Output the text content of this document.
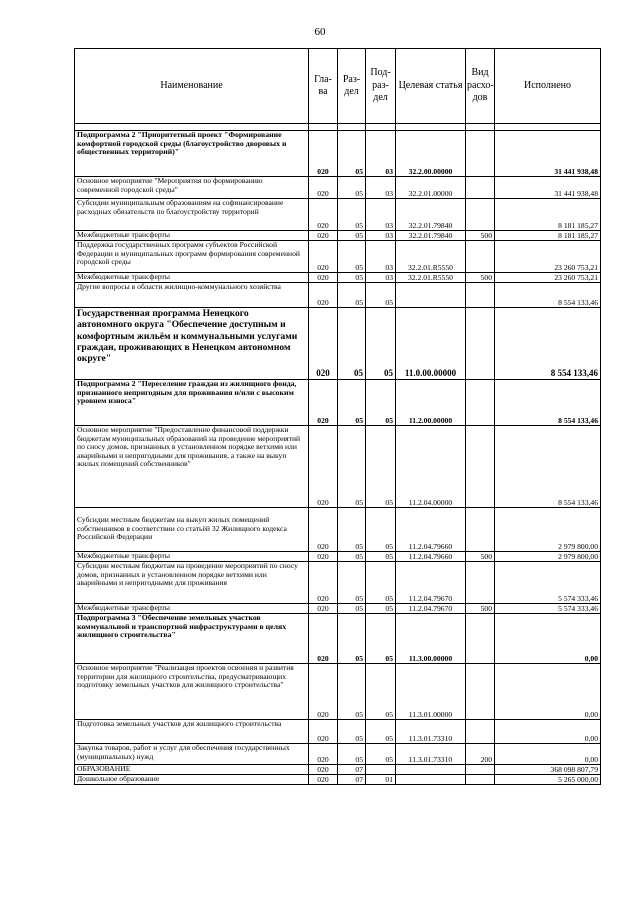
60
Наименование	Гла-ва	Раз-дел	Под-раз-дел	Целевая статья	Вид расхо-дов	Исполнено

Подпрограмма 2 "Приоритетный проект "Формирование комфортной городской среды (благоустройство дворовых и общественных территорий)"	020	05	03	32.2.00.00000		31 441 938,48
Основное мероприятие "Мероприятия по формированию современной городской среды"	020	05	03	32.2.01.00000		31 441 938,48
Субсидии муниципальным образованиям на софинансирование расходных обязательств по благоустройству территорий	020	05	03	32.2.01.79840		8 181 185,27
Межбюджетные трансферты	020	05	03	32.2.01.79840	500	8 181 185,27
Поддержка государственных программ субъектов Российской Федерации и муниципальных программ формирования современной городской среды	020	05	03	32.2.01.R5550		23 260 753,21
Межбюджетные трансферты	020	05	03	32.2.01.R5550	500	23 260 753,21
Другие вопросы в области жилищно-коммунального хозяйства	020	05	05			8 554 133,46
Государственная программа Ненецкого автономного округа "Обеспечение доступным и комфортным жильём и коммунальными услугами граждан, проживающих в Ненецком автономном округе"	020	05	05	11.0.00.00000		8 554 133,46
Подпрограмма 2 "Переселение граждан из жилищного фонда, признанного непригодным для проживания и/или с высоким уровнем износа"	020	05	05	11.2.00.00000		8 554 133,46
Основное мероприятие "Предоставление финансовой поддержки бюджетам муниципальных образований на проведение мероприятий по сносу домов, признанных в установленном порядке ветхими или аварийными и непригодными для проживания, а также на выкуп жилых помещений собственников"	020	05	05	11.2.04.00000		8 554 133,46
Субсидии местным бюджетам на выкуп жилых помещений собственников в соответствии со статьёй 32 Жилищного кодекса Российской Федерации	020	05	05	11.2.04.79660		2 979 800,00
Межбюджетные трансферты	020	05	05	11.2.04.79660	500	2 979 800,00
Субсидии местным бюджетам на проведение мероприятий по сносу домов, признанных в установленном порядке ветхими или аварийными и непригодными для проживания	020	05	05	11.2.04.79670		5 574 333,46
Межбюджетные трансферты	020	05	05	11.2.04.79670	500	5 574 333,46
Подпрограмма 3 "Обеспечение земельных участков коммунальной и транспортной инфраструктурами в целях жилищного строительства"	020	05	05	11.3.00.00000		0,00
Основное мероприятие "Реализация проектов освоения и развития территории для жилищного строительства, предусматривающих подготовку земельных участков для жилищного строительства"	020	05	05	11.3.01.00000		0,00
Подготовка земельных участков для жилищного строительства	020	05	05	11.3.01.73310		0,00
Закупка товаров, работ и услуг для обеспечения государственных (муниципальных) нужд	020	05	05	11.3.01.73310	200	0,00
ОБРАЗОВАНИЕ	020	07				368 098 807,79
Дошкольное образование	020	07	01			5 265 000,00
